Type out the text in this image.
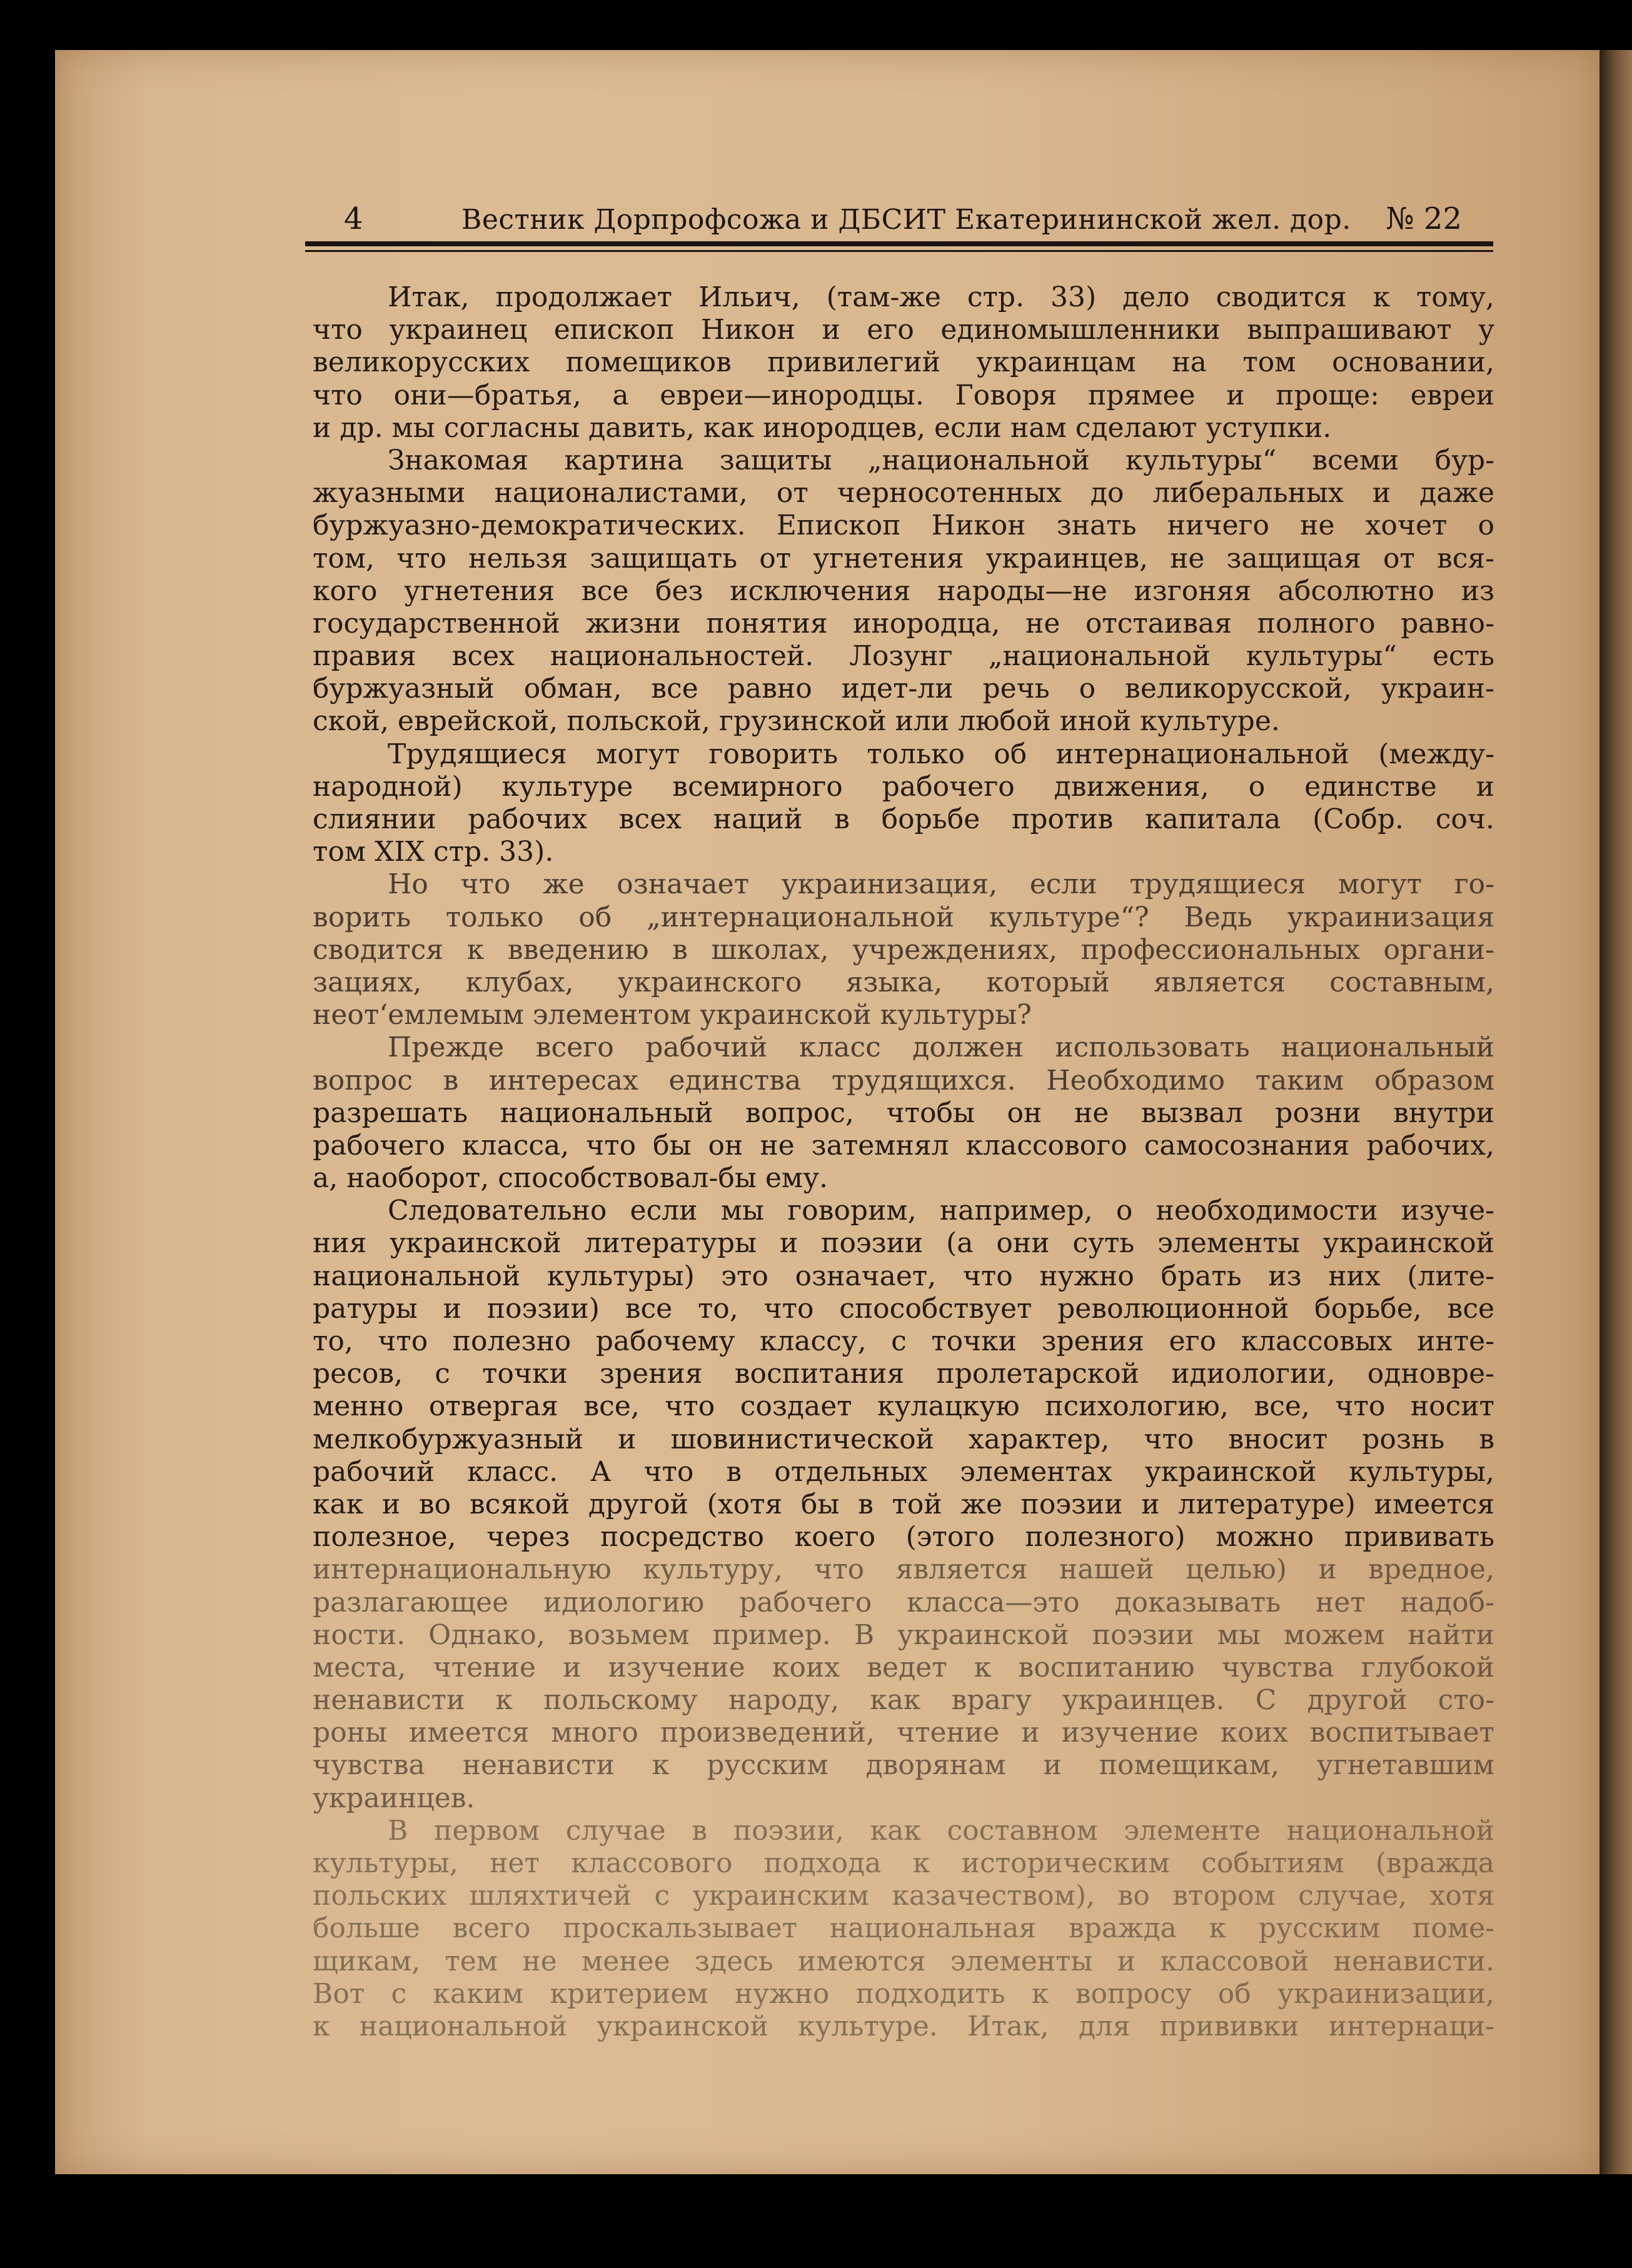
4	Вестник Дорпрофсожа и ДБСИТ Екатерининской жел. дор. № 22
Итак, продолжает Ильич, (там-же стр. 33) дело сводится к тому,
что украинец епископ Никон и его единомышленники выпрашивают у
великорусских помещиков привилегий украинцам на том основании,
что они—братья, а евреи—инородцы. Говоря прямее и проще: евреи
и др. мы согласны давить, как инородцев, если нам сделают уступки.
Знакомая картина защиты „национальной культуры“ всеми бур-
жуазными националистами, от черносотенных до либеральных и даже
буржуазно-демократических. Епископ Никон знать ничего не хочет о
том, что нельзя защищать от угнетения украинцев, не защищая от вся-
кого угнетения все без исключения народы—не изгоняя абсолютно из
государственной жизни понятия инородца, не отстаивая полного равно-
правия всех национальностей. Лозунг „национальной культуры“ есть
буржуазный обман, все равно идет-ли речь о великорусской, украин-
ской, еврейской, польской, грузинской или любой иной культуре.
Трудящиеся могут говорить только об интернациональной (между-
народной) культуре всемирного рабочего движения, о единстве и
слиянии рабочих всех наций в борьбе против капитала (Собр. соч.
том XIX стр. 33).
Но что же означает украинизация, если трудящиеся могут го-
ворить только об „интернациональной культуре“? Ведь украинизация
сводится к введению в школах, учреждениях, профессиональных органи-
зациях, клубах, украинского языка, который является составным,
неот‘емлемым элементом украинской культуры?
Прежде всего рабочий класс должен использовать национальный
вопрос в интересах единства трудящихся. Необходимо таким образом
разрешать национальный вопрос, чтобы он не вызвал розни внутри
рабочего класса, что бы он не затемнял классового самосознания рабочих,
а, наоборот, способствовал-бы ему.
Следовательно если мы говорим, например, о необходимости изуче-
ния украинской литературы и поэзии (а они суть элементы украинской
национальной культуры) это означает, что нужно брать из них (лите-
ратуры и поэзии) все то, что способствует революционной борьбе, все
то, что полезно рабочему классу, с точки зрения его классовых инте-
ресов, с точки зрения воспитания пролетарской идиологии, одновре-
менно отвергая все, что создает кулацкую психологию, все, что носит
мелкобуржуазный и шовинистической характер, что вносит рознь в
рабочий класс. А что в отдельных элементах украинской культуры,
как и во всякой другой (хотя бы в той же поэзии и литературе) имеется
полезное, через посредство коего (этого полезного) можно прививать
интернациональную культуру, что является нашей целью) и вредное,
разлагающее идиологию рабочего класса—это доказывать нет надоб-
ности. Однако, возьмем пример. В украинской поэзии мы можем найти
места, чтение и изучение коих ведет к воспитанию чувства глубокой
ненависти к польскому народу, как врагу украинцев. С другой сто-
роны имеется много произведений, чтение и изучение коих воспитывает
чувства ненависти к русским дворянам и помещикам, угнетавшим
украинцев.
В первом случае в поэзии, как составном элементе национальной
культуры, нет классового подхода к историческим событиям (вражда
польских шляхтичей с украинским казачеством), во втором случае, хотя
больше всего проскальзывает национальная вражда к русским поме-
щикам, тем не менее здесь имеются элементы и классовой ненависти.
Вот с каким критерием нужно подходить к вопросу об украинизации,
к национальной украинской культуре. Итак, для прививки интернаци-
